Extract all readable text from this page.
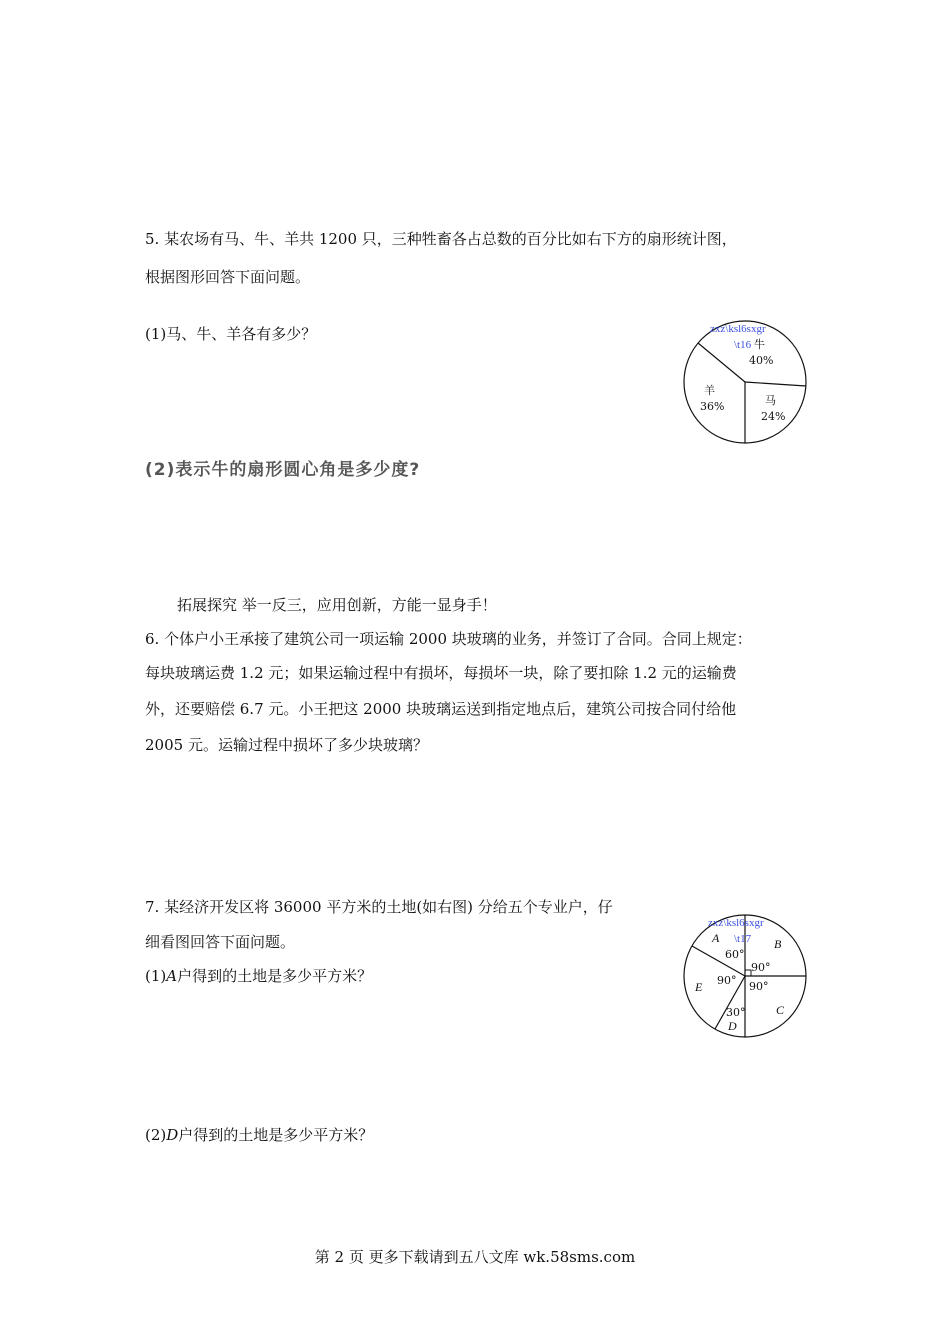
5. 某农场有马、牛、羊共 1200 只，三种牲畜各占总数的百分比如右下方的扇形统计图，
根据图形回答下面问题。
(1)马、牛、羊各有多少？
(2)表示牛的扇形圆心角是多少度?
zxz\ksl6sxgr
\t16 牛
40%
马
24%
羊
36%
拓展探究 举一反三，应用创新，方能一显身手！
6. 个体户小王承接了建筑公司一项运输 2000 块玻璃的业务，并签订了合同。合同上规定：
每块玻璃运费 1.2 元；如果运输过程中有损坏，每损坏一块，除了要扣除 1.2 元的运输费
外，还要赔偿 6.7 元。小王把这 2000 块玻璃运送到指定地点后，建筑公司按合同付给他
2005 元。运输过程中损坏了多少块玻璃？
7. 某经济开发区将 36000 平方米的土地(如右图) 分给五个专业户，仔
细看图回答下面问题。
(1)A户得到的土地是多少平方米？
(2)D户得到的土地是多少平方米？
zxz\ksl6sxgr
\t17
A	B
C
D
E
60°
90°
90°
90°
30°
第 2 页 更多下载请到五八文库 wk.58sms.com
